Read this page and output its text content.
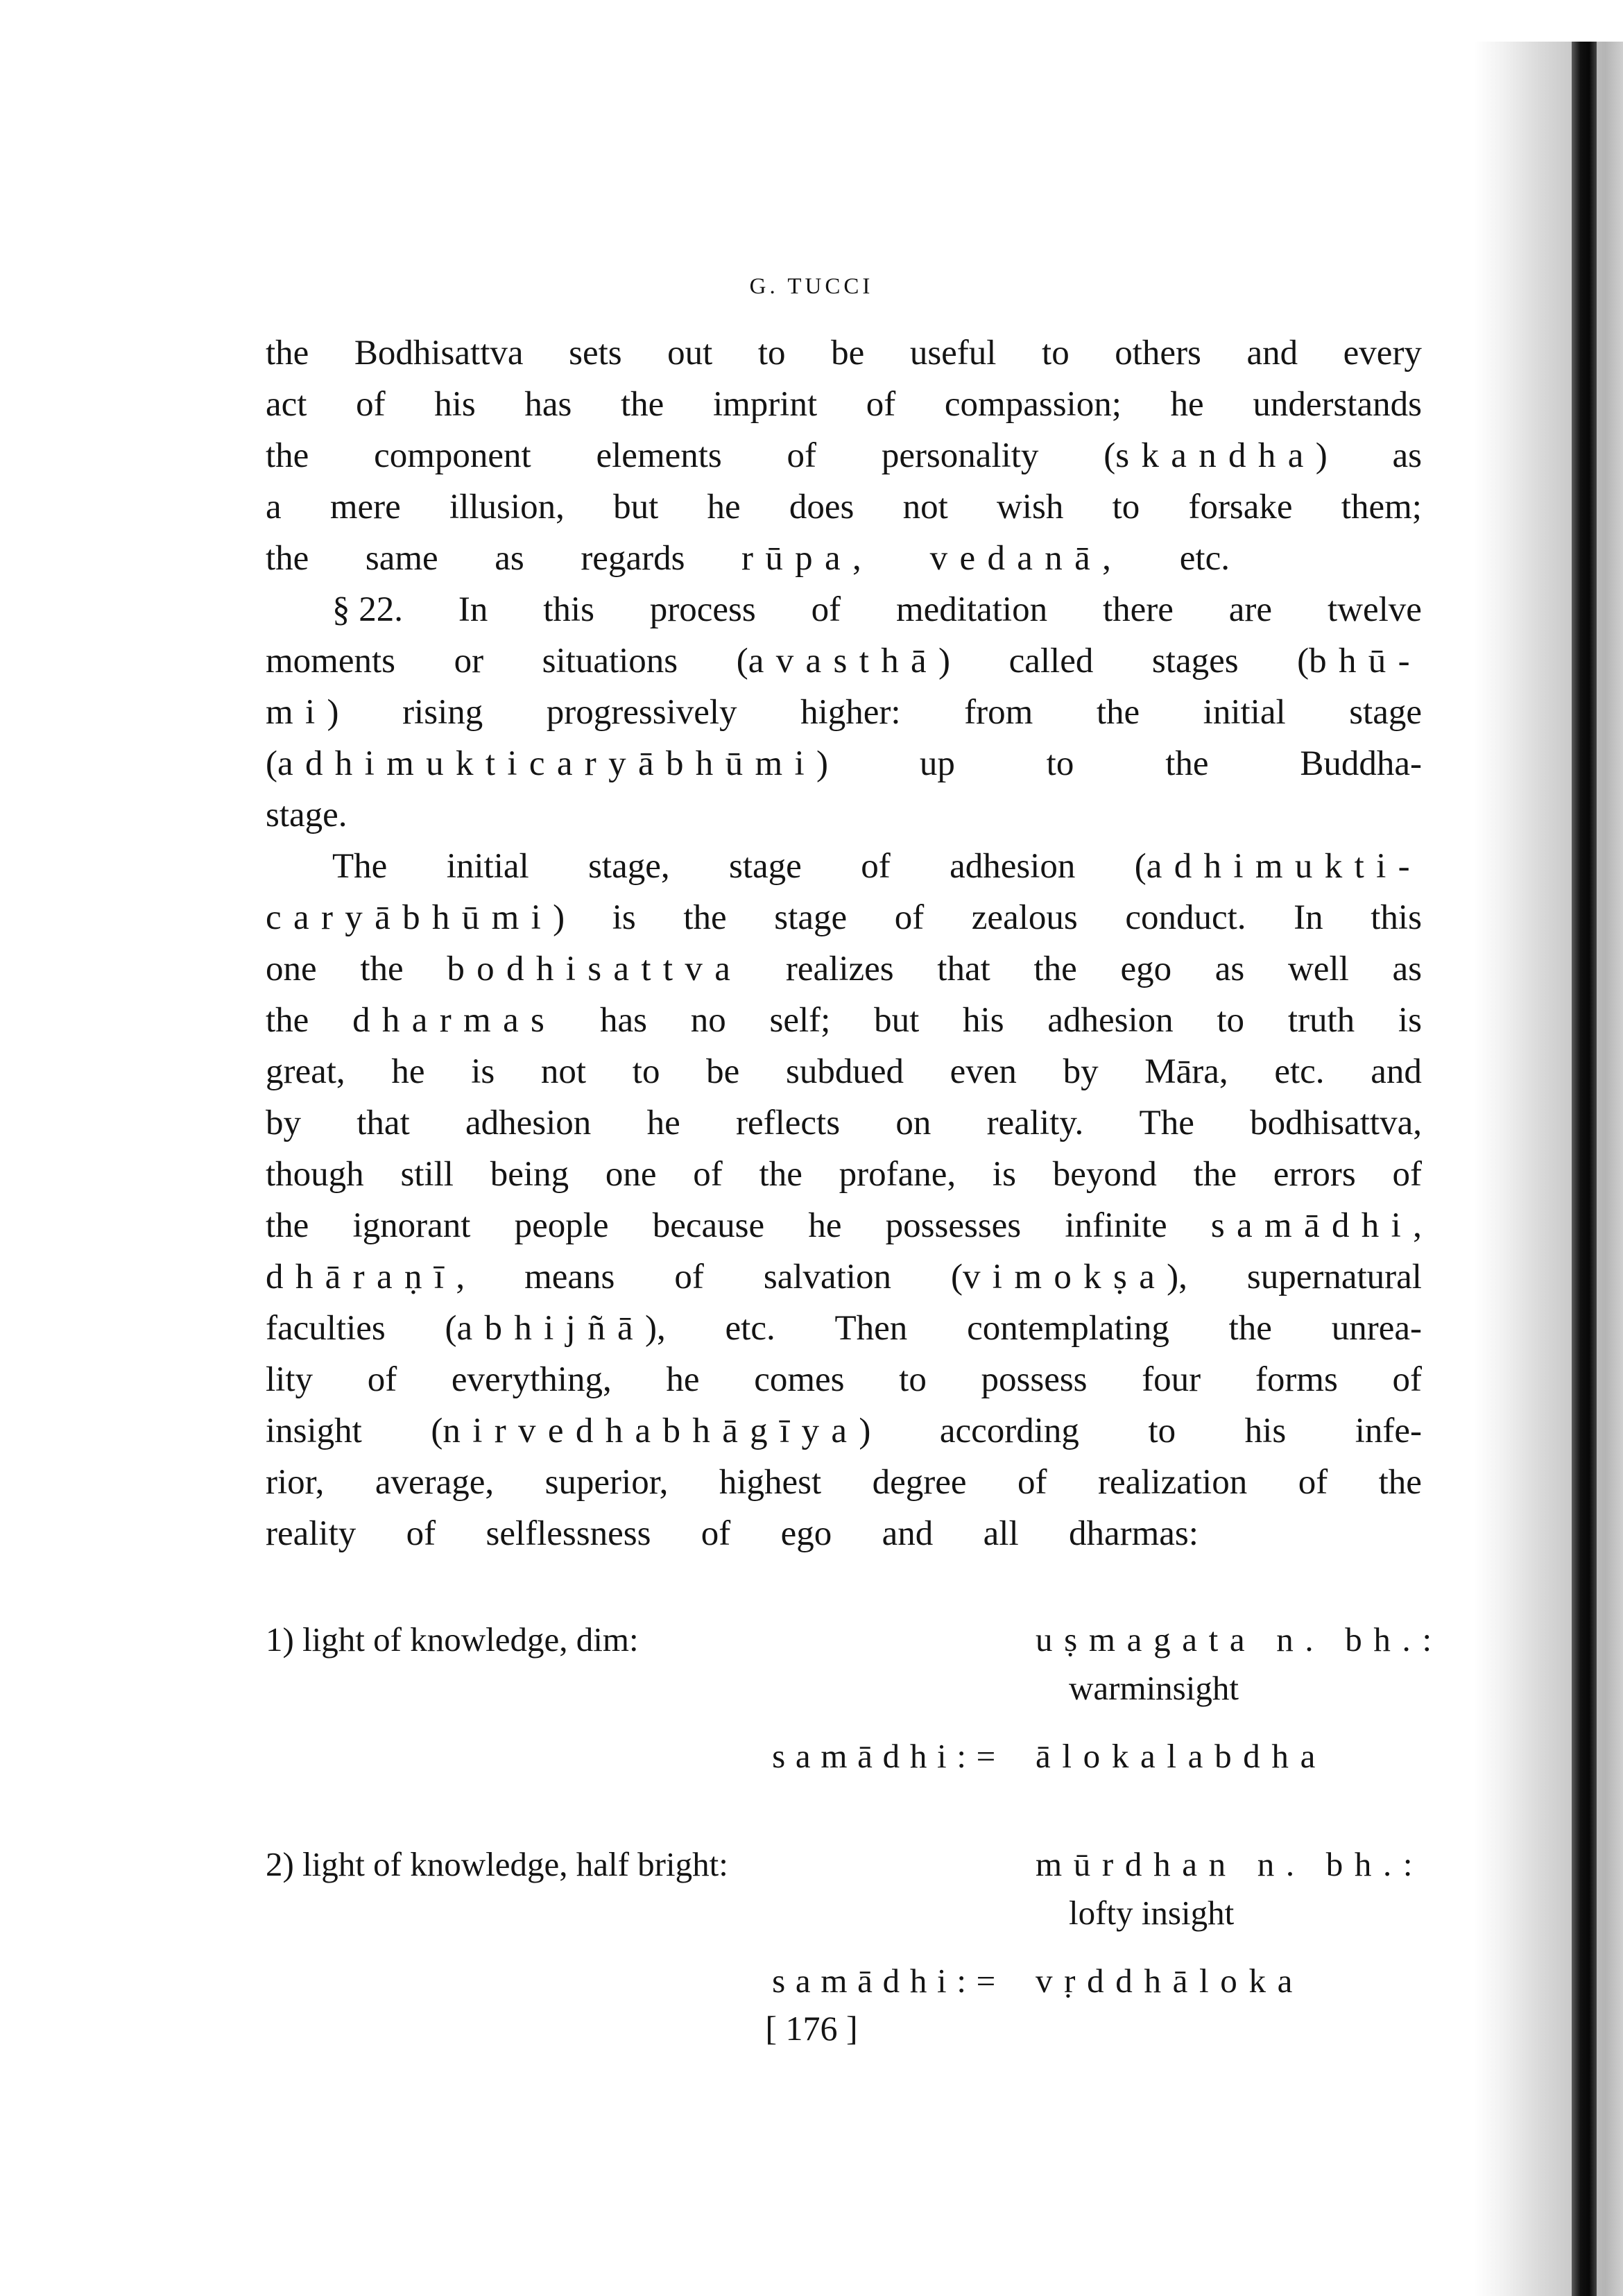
G. TUCCI
the Bodhisattva sets out to be useful to others and every
act of his has the imprint of compassion; he understands
the component elements of personality (skandha) as
a mere illusion, but he does not wish to forsake them;
the same as regards rūpa, vedanā, etc.
§ 22. In this process of meditation there are twelve
moments or situations (avasthā) called stages (bhū-
mi) rising progressively higher: from the initial stage
(adhimukticaryābhūmi)	up	to	the	Buddha-
stage.
The initial stage, stage of adhesion (adhimukti-
caryābhūmi) is the stage of zealous conduct. In this
one the bodhisattva realizes that the ego as well as
the dharmas has no self; but his adhesion to truth is
great, he is not to be subdued even by Māra, etc. and
by that adhesion he reflects on reality. The bodhisattva,
though still being one of the profane, is beyond the errors of
the ignorant people because he possesses infinite samādhi,
dhāraṇī, means of salvation (vimokṣa), supernatural
faculties (abhijñā), etc. Then contemplating the unrea-
lity of everything, he comes to possess four forms of
insight (nirvedhabhāgīya) according to his infe-
rior, average, superior, highest degree of realization of the
reality of selflessness of ego and all dharmas:
1) light of knowledge, dim:	uṣmagata n. bh.:
warminsight
samādhi:= ālokalabdha
2) light of knowledge, half bright:	mūrdhan n. bh.:
lofty insight
samādhi:= vṛddhāloka
[ 176 ]
